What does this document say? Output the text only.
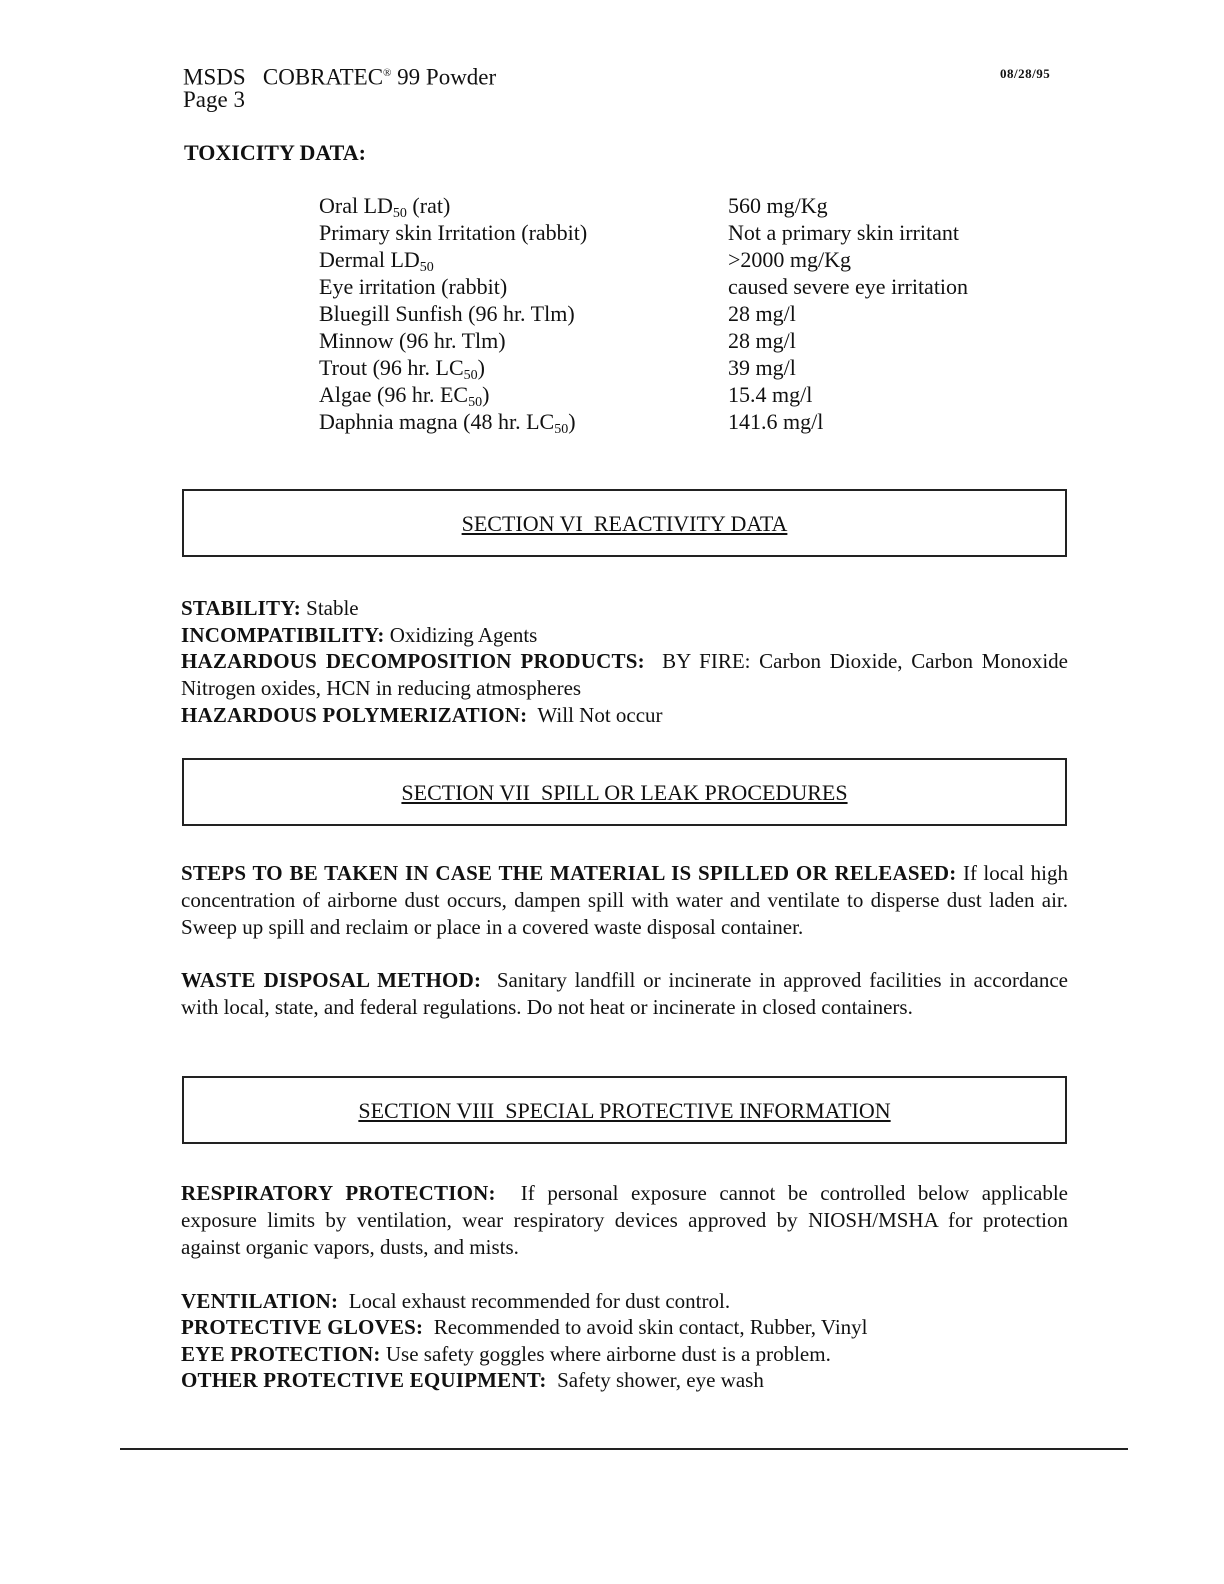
MSDS COBRATEC® 99 Powder
Page 3
08/28/95
TOXICITY DATA:
Oral $LD_{50}$ (rat)	560 mg/Kg
Primary skin Irritation (rabbit)	Not a primary skin irritant
Dermal $LD_{50}$	>2000 mg/Kg
Eye irritation (rabbit)	caused severe eye irritation
Bluegill Sunfish (96 hr. Tlm)	28 mg/l
Minnow (96 hr. Tlm)	28 mg/l
Trout (96 hr. $LC_{50}$)	39 mg/l
Algae (96 hr. $EC_{50}$)	15.4 mg/l
Daphnia magna (48 hr. $LC_{50}$)	141.6 mg/l
SECTION VI  REACTIVITY DATA
STABILITY: Stable
INCOMPATIBILITY: Oxidizing Agents
HAZARDOUS DECOMPOSITION PRODUCTS: BY FIRE: Carbon Dioxide, Carbon Monoxide Nitrogen oxides, HCN in reducing atmospheres
HAZARDOUS POLYMERIZATION: Will Not occur
SECTION VII  SPILL OR LEAK PROCEDURES
STEPS TO BE TAKEN IN CASE THE MATERIAL IS SPILLED OR RELEASED: If local high concentration of airborne dust occurs, dampen spill with water and ventilate to disperse dust laden air. Sweep up spill and reclaim or place in a covered waste disposal container.
WASTE DISPOSAL METHOD: Sanitary landfill or incinerate in approved facilities in accordance with local, state, and federal regulations. Do not heat or incinerate in closed containers.
SECTION VIII  SPECIAL PROTECTIVE INFORMATION
RESPIRATORY PROTECTION: If personal exposure cannot be controlled below applicable exposure limits by ventilation, wear respiratory devices approved by NIOSH/MSHA for protection against organic vapors, dusts, and mists.
VENTILATION: Local exhaust recommended for dust control.
PROTECTIVE GLOVES: Recommended to avoid skin contact, Rubber, Vinyl
EYE PROTECTION: Use safety goggles where airborne dust is a problem.
OTHER PROTECTIVE EQUIPMENT: Safety shower, eye wash
